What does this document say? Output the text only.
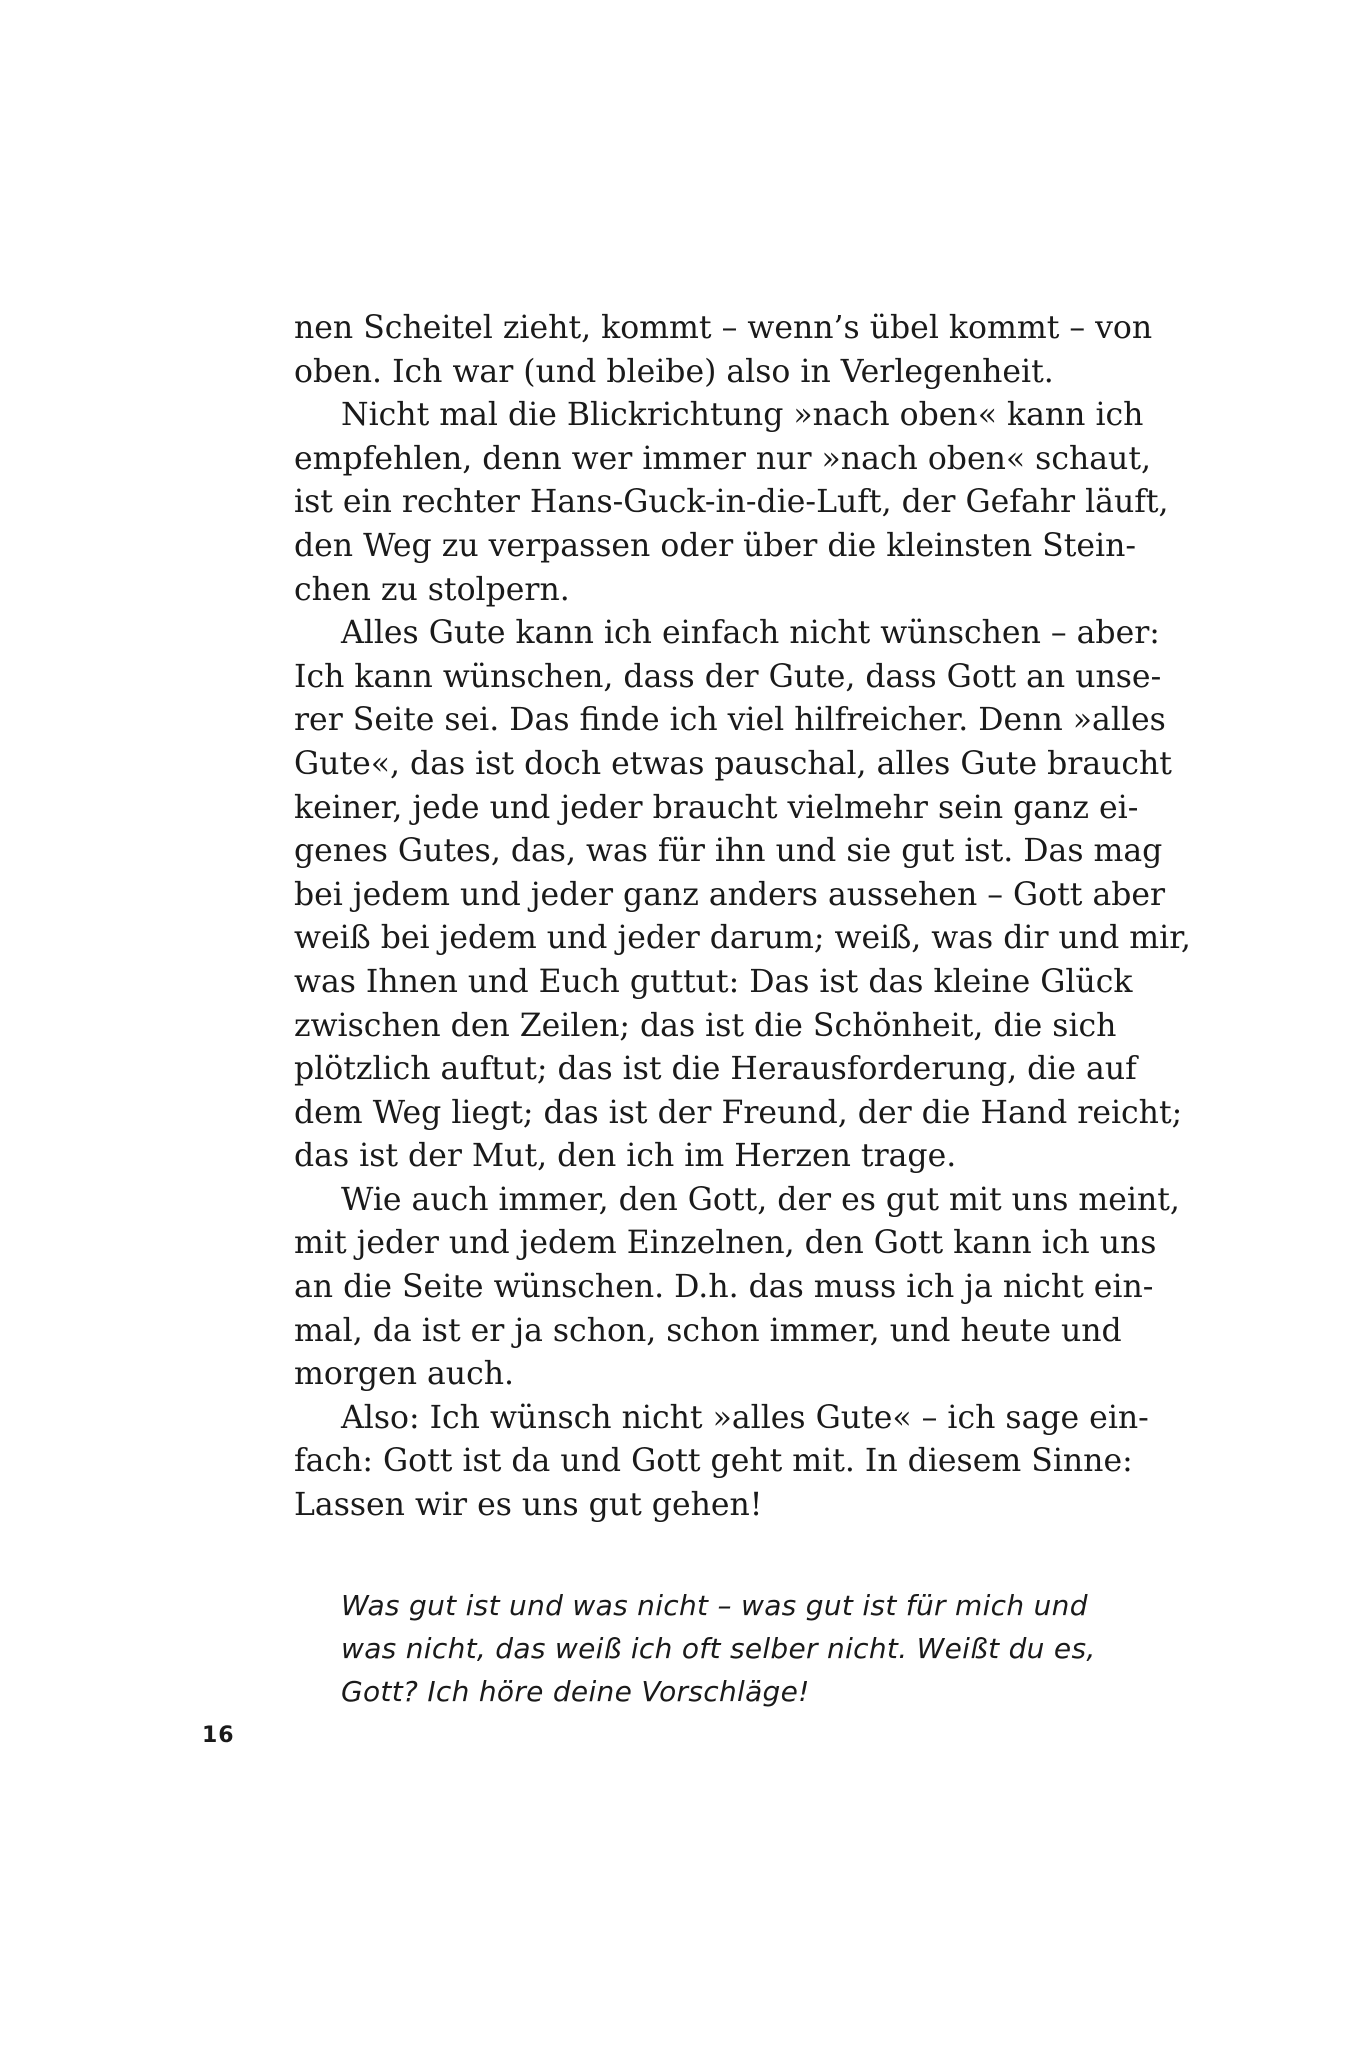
nen Scheitel zieht, kommt – wenn’s übel kommt – von
oben. Ich war (und bleibe) also in Verlegenheit.
Nicht mal die Blickrichtung »nach oben« kann ich
empfehlen, denn wer immer nur »nach oben« schaut,
ist ein rechter Hans-Guck-in-die-Luft, der Gefahr läuft,
den Weg zu verpassen oder über die kleinsten Stein-
chen zu stolpern.
Alles Gute kann ich einfach nicht wünschen – aber:
Ich kann wünschen, dass der Gute, dass Gott an unse-
rer Seite sei. Das finde ich viel hilfreicher. Denn »alles
Gute«, das ist doch etwas pauschal, alles Gute braucht
keiner, jede und jeder braucht vielmehr sein ganz ei-
genes Gutes, das, was für ihn und sie gut ist. Das mag
bei jedem und jeder ganz anders aussehen – Gott aber
weiß bei jedem und jeder darum; weiß, was dir und mir,
was Ihnen und Euch guttut: Das ist das kleine Glück
zwischen den Zeilen; das ist die Schönheit, die sich
plötzlich auftut; das ist die Herausforderung, die auf
dem Weg liegt; das ist der Freund, der die Hand reicht;
das ist der Mut, den ich im Herzen trage.
Wie auch immer, den Gott, der es gut mit uns meint,
mit jeder und jedem Einzelnen, den Gott kann ich uns
an die Seite wünschen. D.h. das muss ich ja nicht ein-
mal, da ist er ja schon, schon immer, und heute und
morgen auch.
Also: Ich wünsch nicht »alles Gute« – ich sage ein-
fach: Gott ist da und Gott geht mit. In diesem Sinne:
Lassen wir es uns gut gehen!
Was gut ist und was nicht – was gut ist für mich und
was nicht, das weiß ich oft selber nicht. Weißt du es,
Gott? Ich höre deine Vorschläge!
16
